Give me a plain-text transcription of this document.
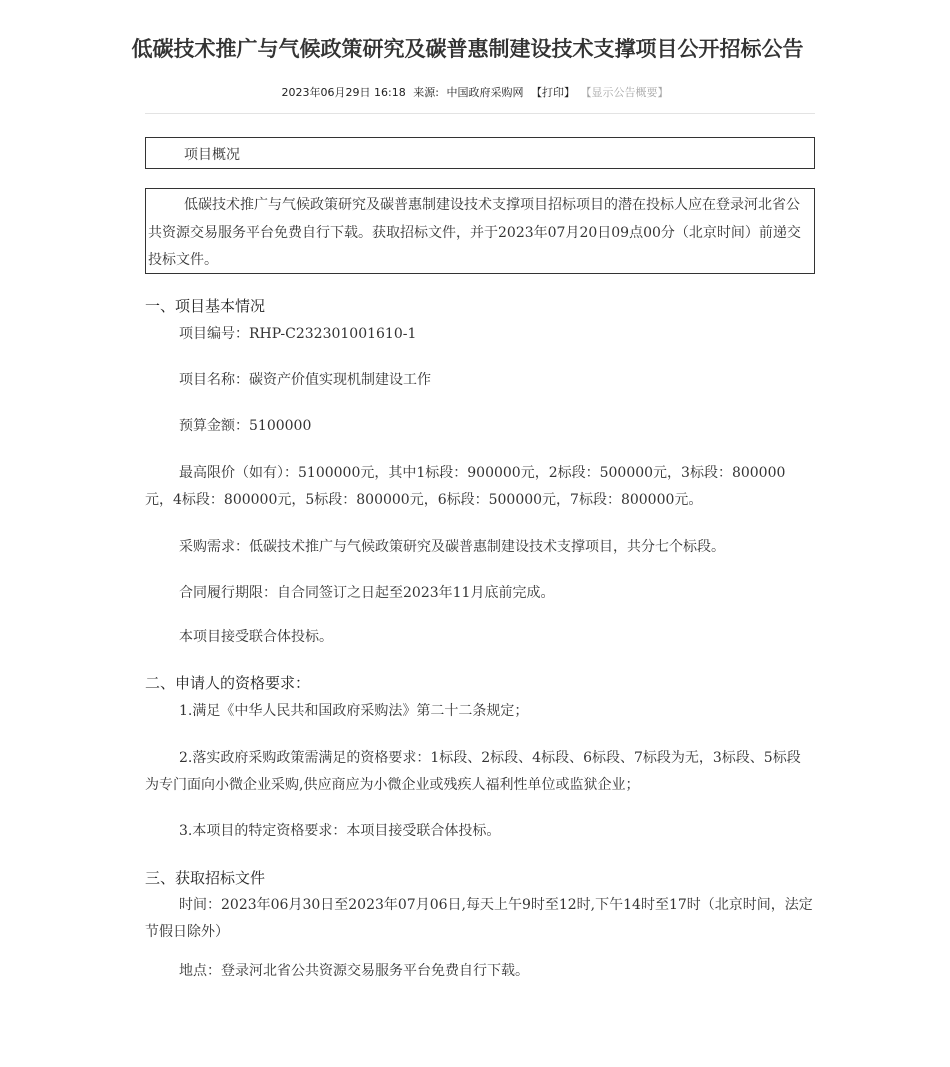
低碳技术推广与气候政策研究及碳普惠制建设技术支撑项目公开招标公告
2023年06月29日 16:18 来源: 中国政府采购网 【打印】 【显示公告概要】
项目概况

低碳技术推广与气候政策研究及碳普惠制建设技术支撑项目招标项目的潜在投标人应在登录河北省公共资源交易服务平台免费自行下载。获取招标文件，并于2023年07月20日09点00分（北京时间）前递交投标文件。

一、项目基本情况

项目编号：RHP-C232301001610-1

项目名称：碳资产价值实现机制建设工作

预算金额：5100000

最高限价（如有）：5100000元，其中1标段：900000元，2标段：500000元，3标段：800000元，4标段：800000元，5标段：800000元，6标段：500000元，7标段：800000元。

采购需求：低碳技术推广与气候政策研究及碳普惠制建设技术支撑项目，共分七个标段。

合同履行期限：自合同签订之日起至2023年11月底前完成。

本项目接受联合体投标。

二、申请人的资格要求：

1.满足《中华人民共和国政府采购法》第二十二条规定；

2.落实政府采购政策需满足的资格要求：1标段、2标段、4标段、6标段、7标段为无，3标段、5标段为专门面向小微企业采购,供应商应为小微企业或残疾人福利性单位或监狱企业；

3.本项目的特定资格要求：本项目接受联合体投标。

三、获取招标文件

时间：2023年06月30日至2023年07月06日,每天上午9时至12时,下午14时至17时（北京时间，法定节假日除外）

地点：登录河北省公共资源交易服务平台免费自行下载。
